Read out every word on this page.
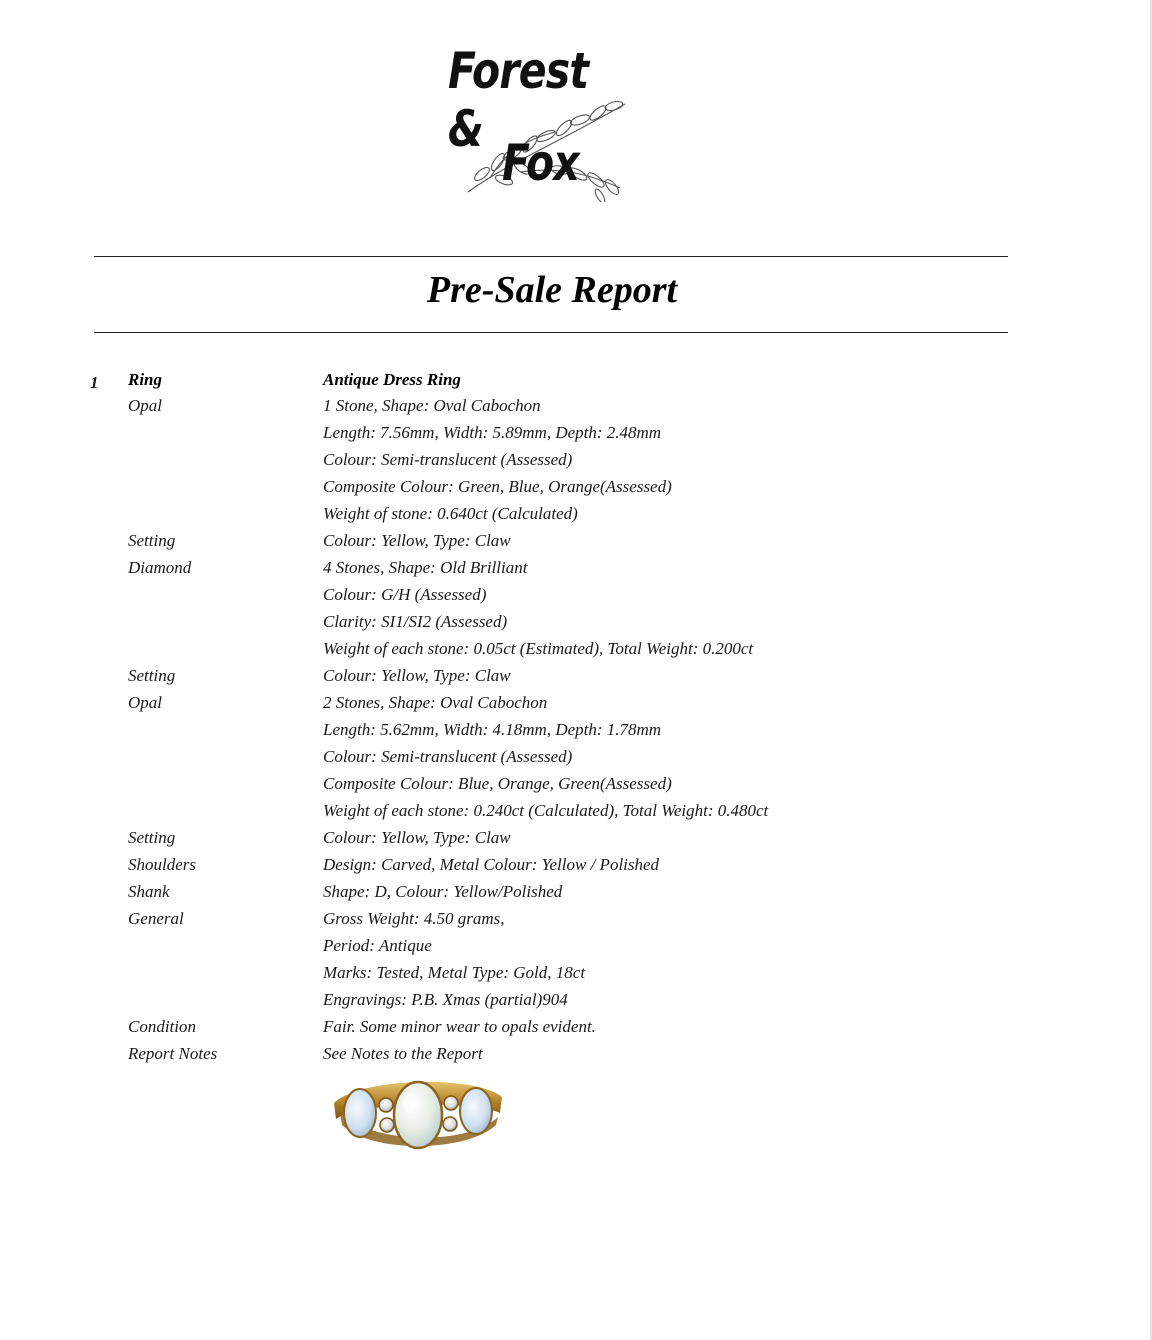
Forest &
Fox
Pre-Sale Report
1 Ring	Antique Dress Ring
Opal	1 Stone, Shape: Oval Cabochon
Length: 7.56mm, Width: 5.89mm, Depth: 2.48mm
Colour: Semi-translucent (Assessed)
Composite Colour: Green, Blue, Orange(Assessed)
Weight of stone: 0.640ct (Calculated)
Setting	Colour: Yellow, Type: Claw
Diamond	4 Stones, Shape: Old Brilliant
Colour: G/H (Assessed)
Clarity: SI1/SI2 (Assessed)
Weight of each stone: 0.05ct (Estimated), Total Weight: 0.200ct
Setting	Colour: Yellow, Type: Claw
Opal	2 Stones, Shape: Oval Cabochon
Length: 5.62mm, Width: 4.18mm, Depth: 1.78mm
Colour: Semi-translucent (Assessed)
Composite Colour: Blue, Orange, Green(Assessed)
Weight of each stone: 0.240ct (Calculated), Total Weight: 0.480ct
Setting	Colour: Yellow, Type: Claw
Shoulders	Design: Carved, Metal Colour: Yellow / Polished
Shank	Shape: D, Colour: Yellow/Polished
General	Gross Weight: 4.50 grams,
Period: Antique
Marks: Tested, Metal Type: Gold, 18ct
Engravings: P.B. Xmas (partial)904
Condition	Fair. Some minor wear to opals evident.
Report Notes	See Notes to the Report
